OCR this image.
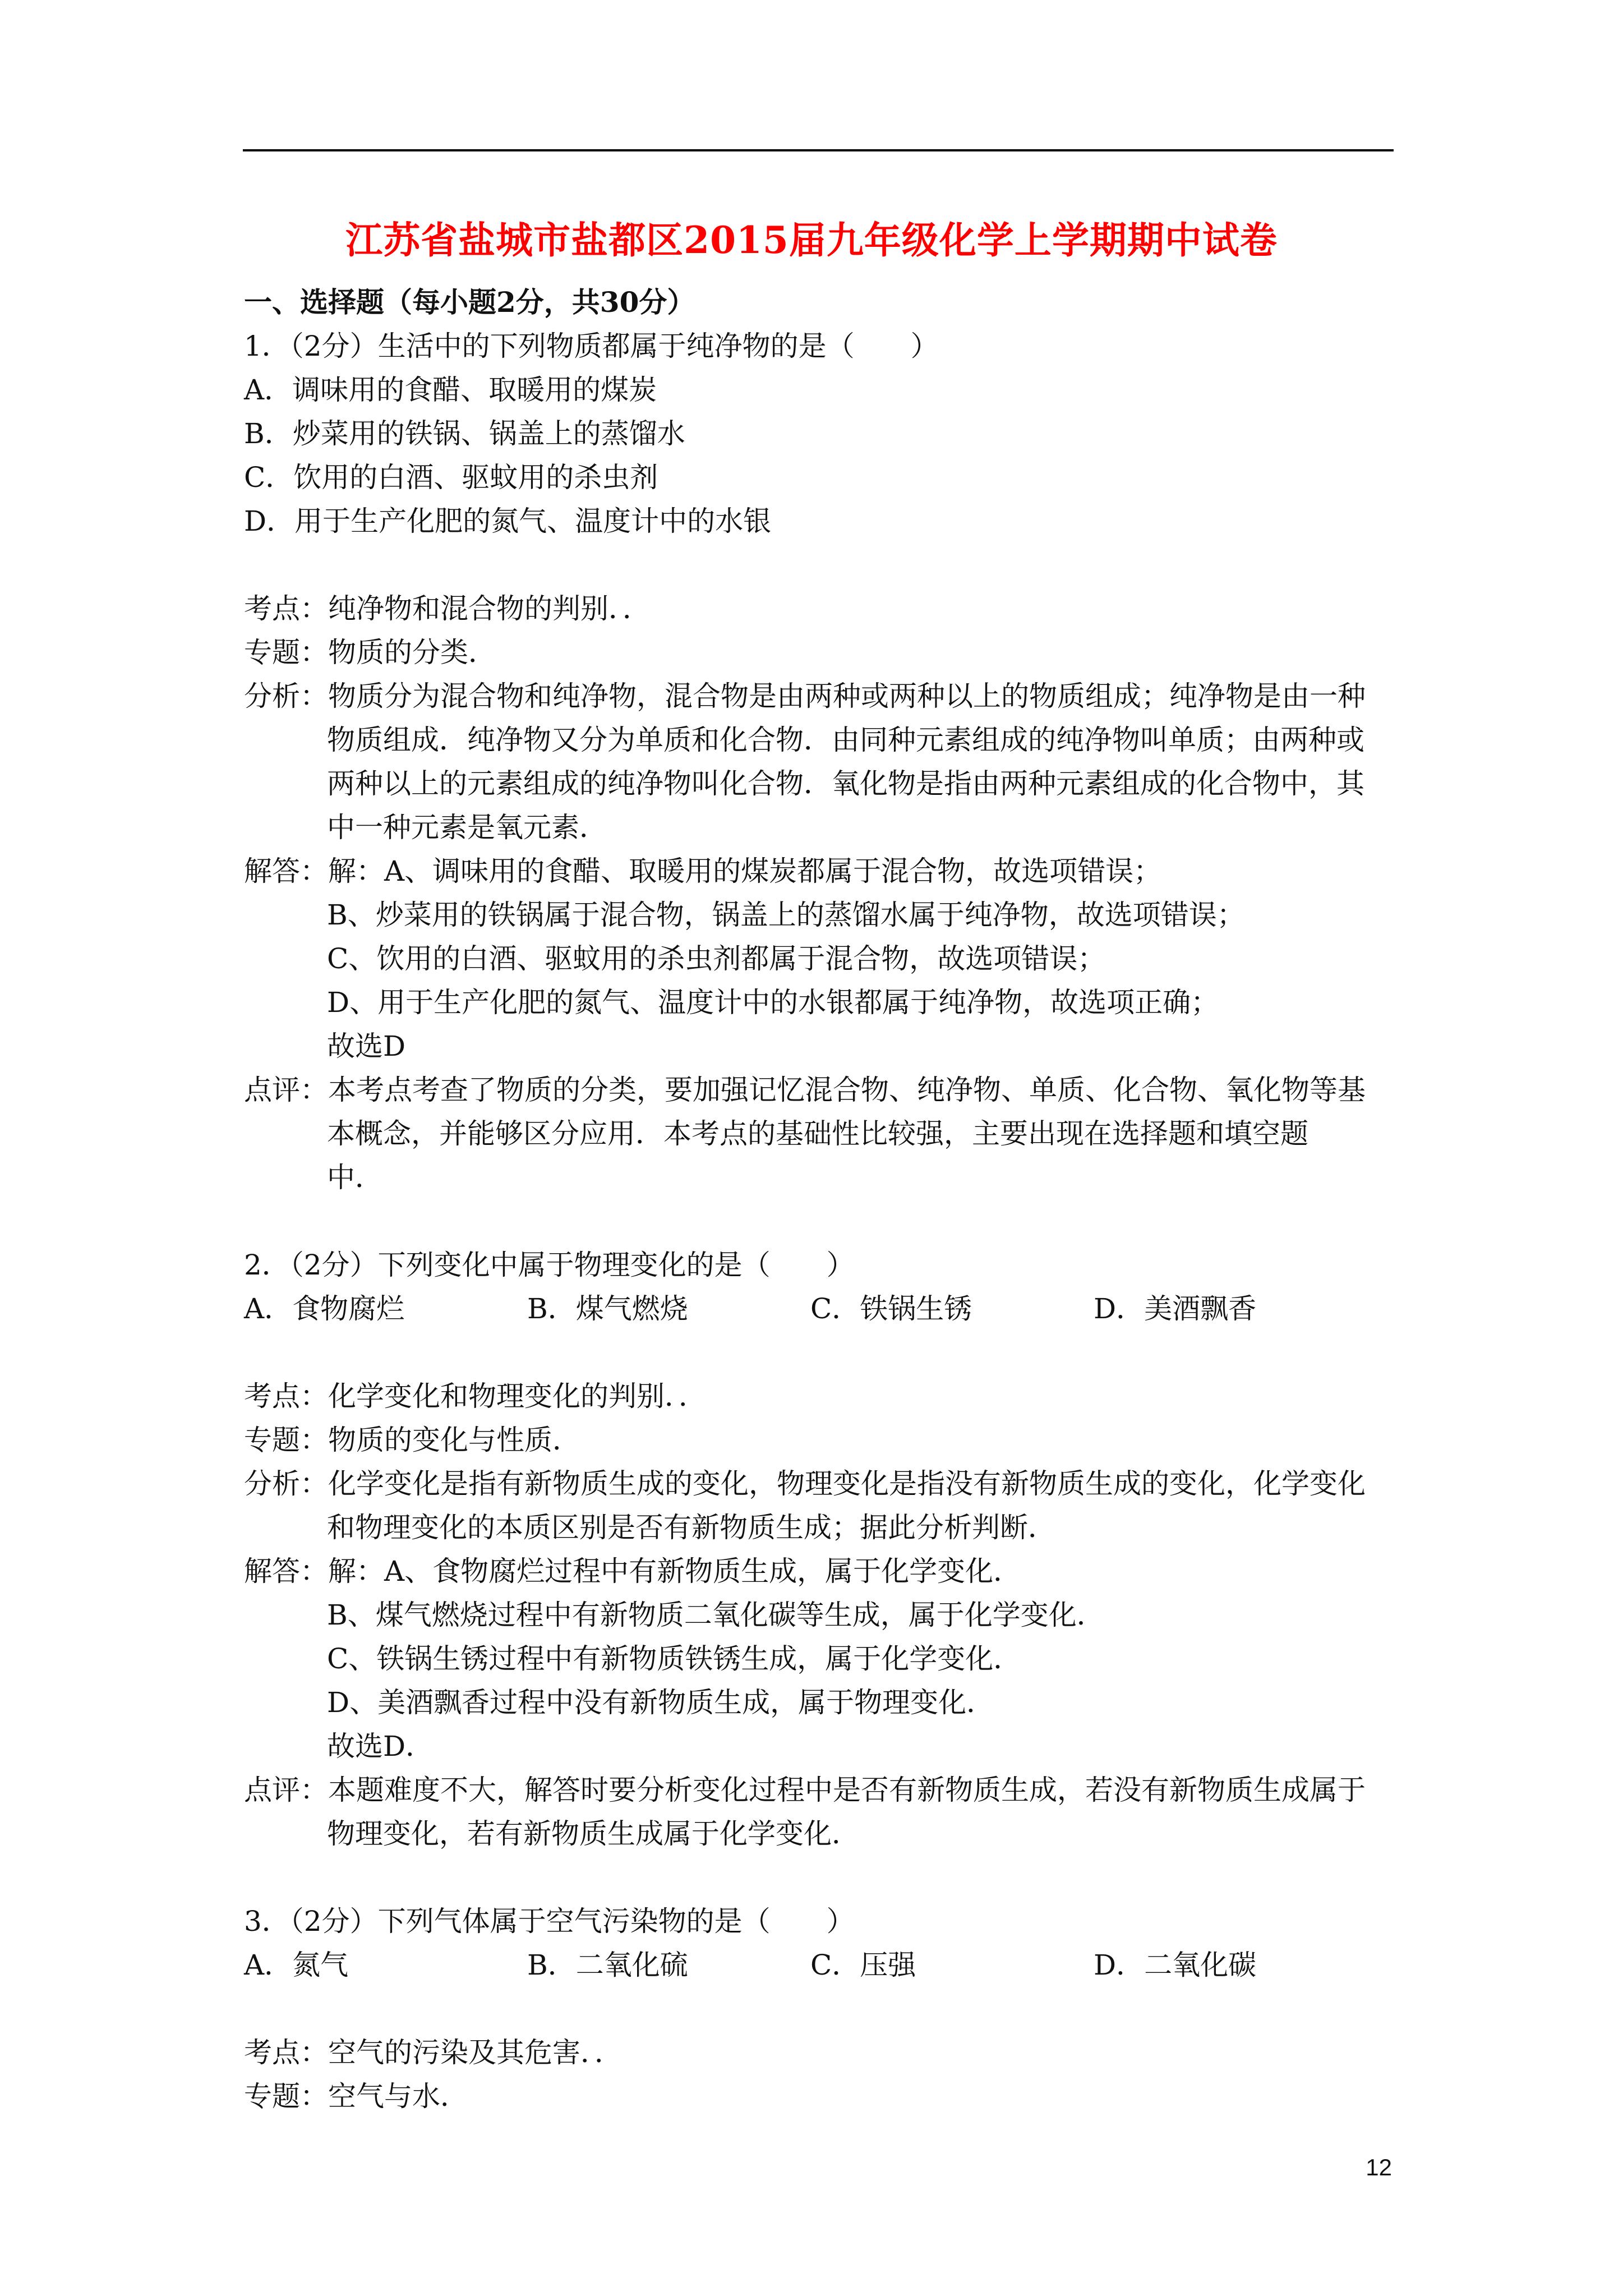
江苏省盐城市盐都区2015届九年级化学上学期期中试卷
一、选择题（每小题2分，共30分）
1．（2分）生活中的下列物质都属于纯净物的是（　　）
A．调味用的食醋、取暖用的煤炭
B．炒菜用的铁锅、锅盖上的蒸馏水
C．饮用的白酒、驱蚊用的杀虫剂
D．用于生产化肥的氮气、温度计中的水银
考点：纯净物和混合物的判别．．
专题：物质的分类．
分析：物质分为混合物和纯净物，混合物是由两种或两种以上的物质组成；纯净物是由一种
物质组成．纯净物又分为单质和化合物．由同种元素组成的纯净物叫单质；由两种或
两种以上的元素组成的纯净物叫化合物．氧化物是指由两种元素组成的化合物中，其
中一种元素是氧元素．
解答：解：A、调味用的食醋、取暖用的煤炭都属于混合物，故选项错误；
B、炒菜用的铁锅属于混合物，锅盖上的蒸馏水属于纯净物，故选项错误；
C、饮用的白酒、驱蚊用的杀虫剂都属于混合物，故选项错误；
D、用于生产化肥的氮气、温度计中的水银都属于纯净物，故选项正确；
故选D
点评：本考点考查了物质的分类，要加强记忆混合物、纯净物、单质、化合物、氧化物等基
本概念，并能够区分应用．本考点的基础性比较强，主要出现在选择题和填空题
中．
2．（2分）下列变化中属于物理变化的是（　　）
A．食物腐烂	B．煤气燃烧	C．铁锅生锈	D．美酒飘香
考点：化学变化和物理变化的判别．．
专题：物质的变化与性质．
分析：化学变化是指有新物质生成的变化，物理变化是指没有新物质生成的变化，化学变化
和物理变化的本质区别是否有新物质生成；据此分析判断．
解答：解：A、食物腐烂过程中有新物质生成，属于化学变化．
B、煤气燃烧过程中有新物质二氧化碳等生成，属于化学变化．
C、铁锅生锈过程中有新物质铁锈生成，属于化学变化．
D、美酒飘香过程中没有新物质生成，属于物理变化．
故选D．
点评：本题难度不大，解答时要分析变化过程中是否有新物质生成，若没有新物质生成属于
物理变化，若有新物质生成属于化学变化．
3．（2分）下列气体属于空气污染物的是（　　）
A．氮气	B．二氧化硫	C．压强	D．二氧化碳
考点：空气的污染及其危害．．
专题：空气与水．
12
